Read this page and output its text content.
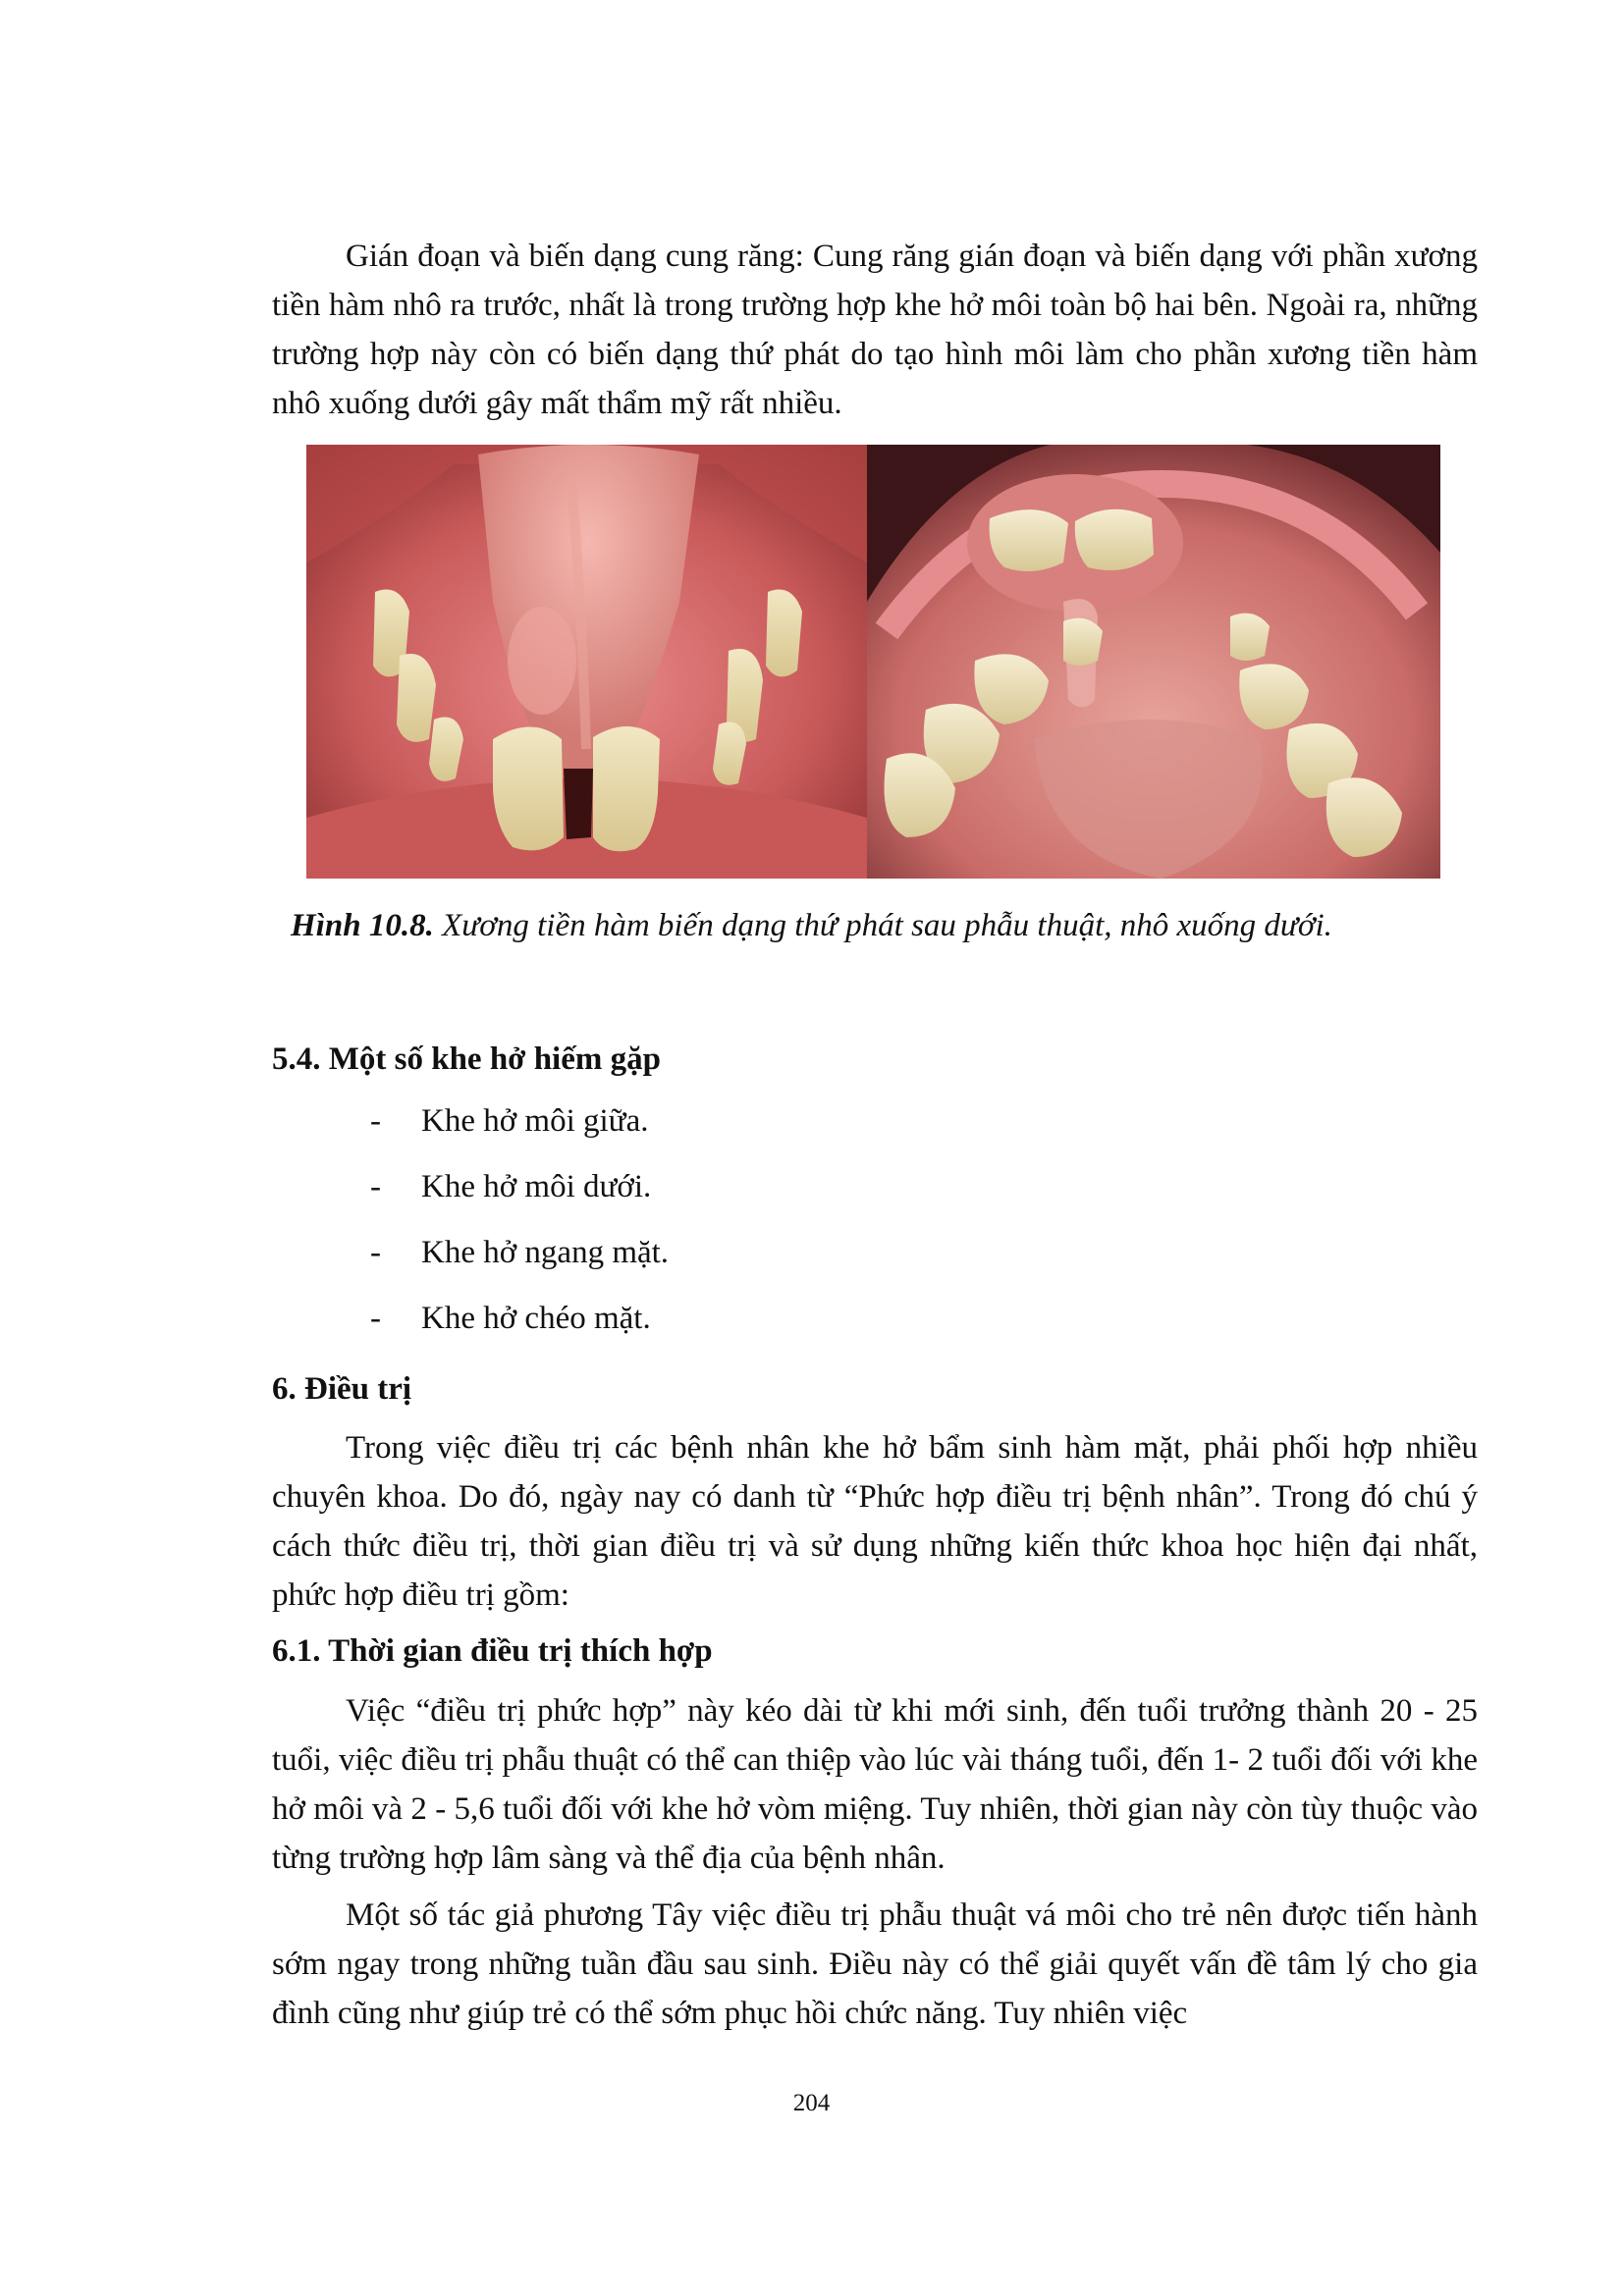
Gián đoạn và biến dạng cung răng: Cung răng gián đoạn và biến dạng với phần xương tiền hàm nhô ra trước, nhất là trong trường hợp khe hở môi toàn bộ hai bên. Ngoài ra, những trường hợp này còn có biến dạng thứ phát do tạo hình môi làm cho phần xương tiền hàm nhô xuống dưới gây mất thẩm mỹ rất nhiều.

Hình 10.8. Xương tiền hàm biến dạng thứ phát sau phẫu thuật, nhô xuống dưới.

5.4. Một số khe hở hiếm gặp

- Khe hở môi giữa.
- Khe hở môi dưới.
- Khe hở ngang mặt.
- Khe hở chéo mặt.

6. Điều trị

Trong việc điều trị các bệnh nhân khe hở bẩm sinh hàm mặt, phải phối hợp nhiều chuyên khoa. Do đó, ngày nay có danh từ “Phức hợp điều trị bệnh nhân”. Trong đó chú ý cách thức điều trị, thời gian điều trị và sử dụng những kiến thức khoa học hiện đại nhất, phức hợp điều trị gồm:

6.1. Thời gian điều trị thích hợp

Việc “điều trị phức hợp” này kéo dài từ khi mới sinh, đến tuổi trưởng thành 20 - 25 tuổi, việc điều trị phẫu thuật có thể can thiệp vào lúc vài tháng tuổi, đến 1- 2 tuổi đối với khe hở môi và 2 - 5,6 tuổi đối với khe hở vòm miệng. Tuy nhiên, thời gian này còn tùy thuộc vào từng trường hợp lâm sàng và thể địa của bệnh nhân.

Một số tác giả phương Tây việc điều trị phẫu thuật vá môi cho trẻ nên được tiến hành sớm ngay trong những tuần đầu sau sinh. Điều này có thể giải quyết vấn đề tâm lý cho gia đình cũng như giúp trẻ có thể sớm phục hồi chức năng. Tuy nhiên việc

204
